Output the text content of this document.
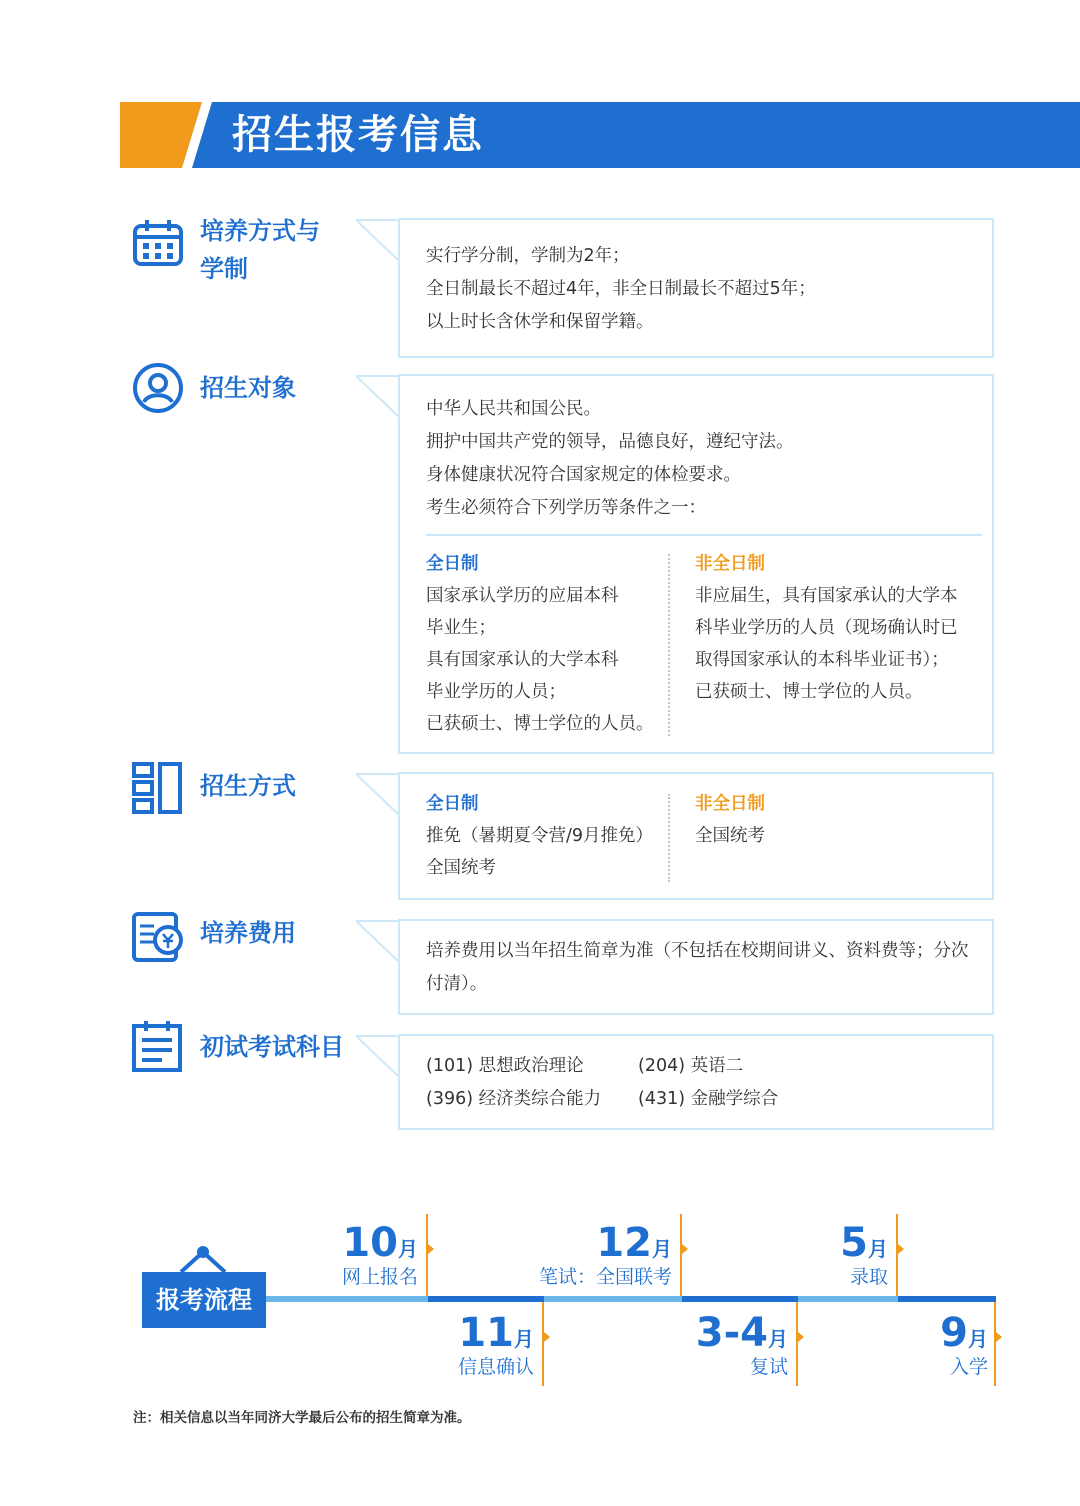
招生报考信息
培养方式与
学制	实行学分制，学制为2年；

全日制最长不超过4年，非全日制最长不超过5年；

以上时长含休学和保留学籍。

招生对象

中华人民共和国公民。

拥护中国共产党的领导，品德良好，遵纪守法。

身体健康状况符合国家规定的体检要求。

考生必须符合下列学历等条件之一：

全日制
国家承认学历的应届本科
毕业生；
具有国家承认的大学本科
毕业学历的人员；
已获硕士、博士学位的人员。
非全日制
非应届生，具有国家承认的大学本
科毕业学历的人员（现场确认时已
取得国家承认的本科毕业证书）；
已获硕士、博士学位的人员。
招生方式
全日制
推免（暑期夏令营/9月推免）
全国统考
非全日制
全国统考
培养费用

培养费用以当年招生简章为准（不包括在校期间讲义、资料费等；分次

付清）。

初试考试科目

(101) 思想政治理论

(396) 经济类综合能力

(204) 英语二

(431) 金融学综合

报考流程
10月
网上报名
11月
信息确认
12月
笔试：全国联考
3-4月
复试
5月
录取
9月
入学
注：相关信息以当年同济大学最后公布的招生简章为准。
